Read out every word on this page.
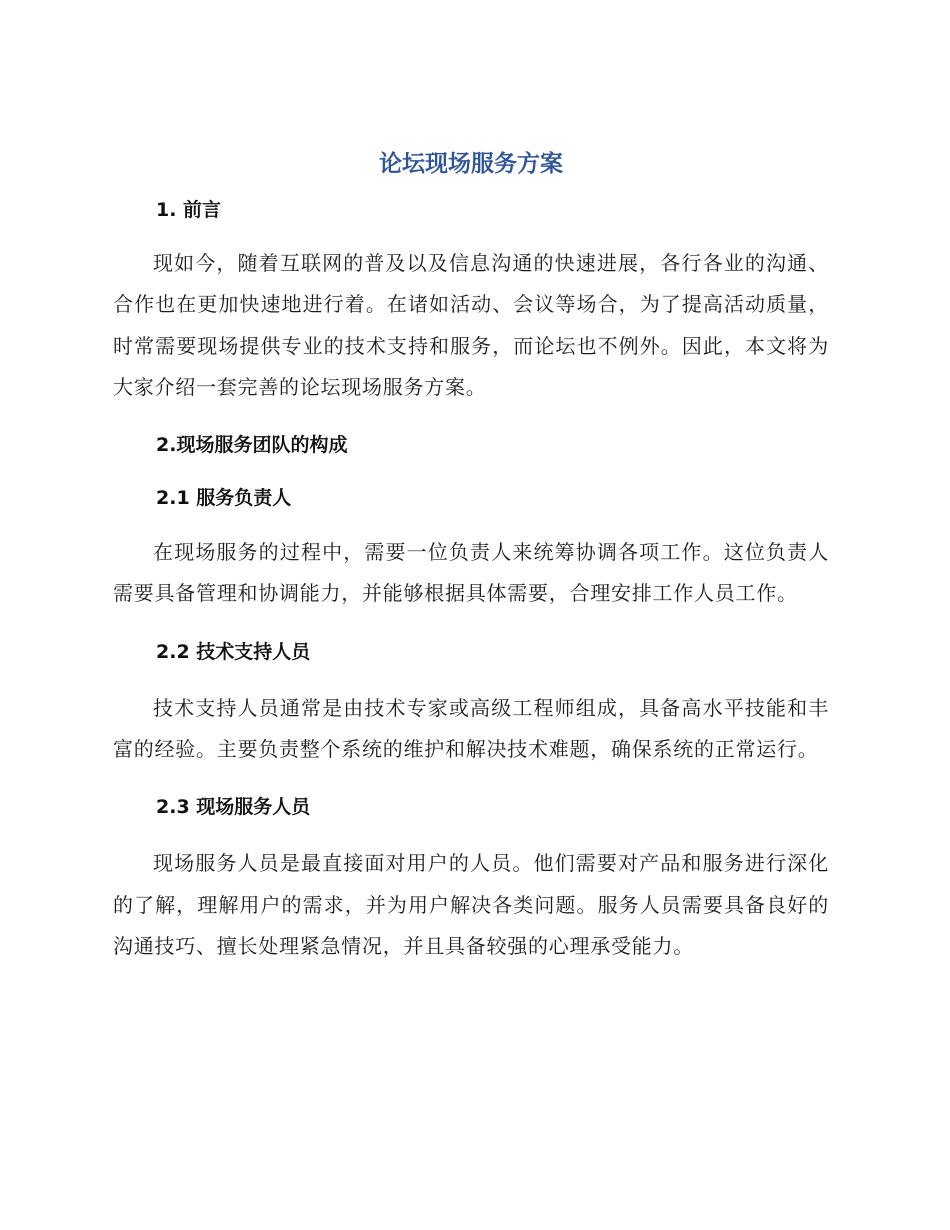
论坛现场服务方案
1. 前言

现如今，随着互联网的普及以及信息沟通的快速进展，各行各业的沟通、合作也在更加快速地进行着。在诸如活动、会议等场合，为了提高活动质量，时常需要现场提供专业的技术支持和服务，而论坛也不例外。因此，本文将为大家介绍一套完善的论坛现场服务方案。

2.现场服务团队的构成
2.1 服务负责人

在现场服务的过程中，需要一位负责人来统筹协调各项工作。这位负责人需要具备管理和协调能力，并能够根据具体需要，合理安排工作人员工作。

2.2 技术支持人员

技术支持人员通常是由技术专家或高级工程师组成，具备高水平技能和丰富的经验。主要负责整个系统的维护和解决技术难题，确保系统的正常运行。

2.3 现场服务人员

现场服务人员是最直接面对用户的人员。他们需要对产品和服务进行深化的了解，理解用户的需求，并为用户解决各类问题。服务人员需要具备良好的沟通技巧、擅长处理紧急情况，并且具备较强的心理承受能力。
